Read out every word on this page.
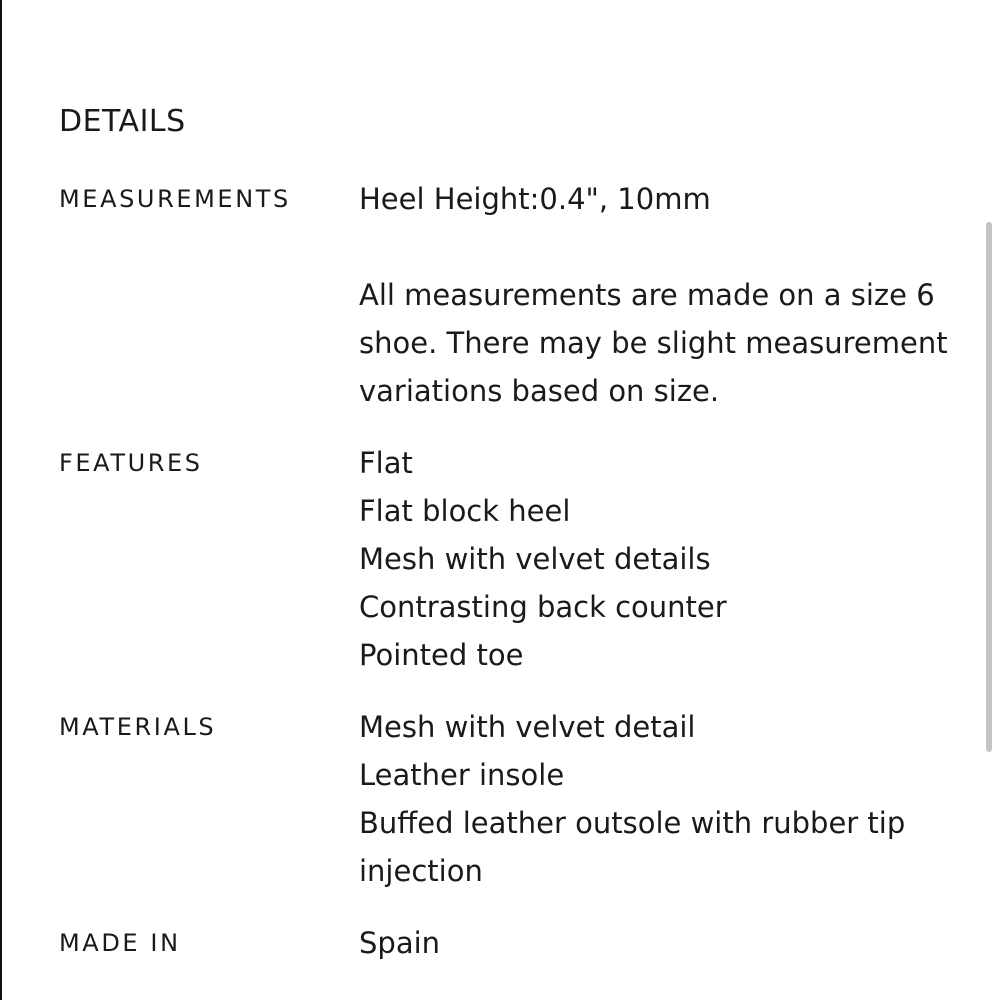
DETAILS
MEASUREMENTS Heel Height:0.4", 10mm
All measurements are made on a size 6
shoe. There may be slight measurement
variations based on size.
FEATURES	Flat
Flat block heel
Mesh with velvet details
Contrasting back counter
Pointed toe
MATERIALS	Mesh with velvet detail
Leather insole
Buffed leather outsole with rubber tip
injection
MADE IN	Spain
